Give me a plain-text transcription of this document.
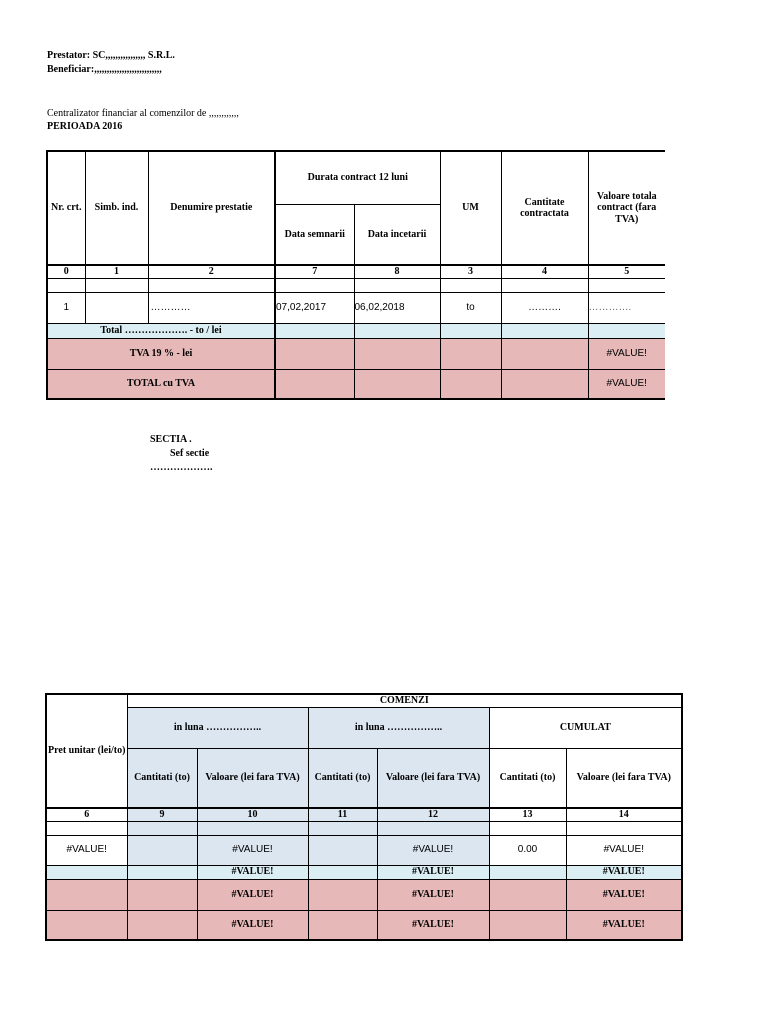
Prestator: SC,,,,,,,,,,,,,,,, S.R.L.
Beneficiar:,,,,,,,,,,,,,,,,,,,,,,,,,,,
Centralizator financiar al comenzilor de ,,,,,,,,,,,,
PERIOADA 2016
Nr. crt.	Simb. ind.	Denumire prestatie	Durata contract 12 luni		UM	Cantitate contractata	Valoare totala contract (fara TVA)
			Data semnarii	Data incetarii			
0	1	2	7	8	3	4	5

1		…………	07,02,2017	06,02,2018	to	……….	………….
Total ………………. - to / lei							
TVA 19 % - lei							#VALUE!
TOTAL cu TVA							#VALUE!
SECTIA .
Sef sectie
……………….
Pret unitar (lei/to)	COMENZI					
	in luna ……………..		in luna ……………..		CUMULAT	
	Cantitati (to)	Valoare (lei fara TVA)	Cantitati (to)	Valoare (lei fara TVA)	Cantitati (to)	Valoare (lei fara TVA)
6	9	10	11	12	13	14

#VALUE!		#VALUE!		#VALUE!	0.00	#VALUE!
		#VALUE!		#VALUE!		#VALUE!
		#VALUE!		#VALUE!		#VALUE!
		#VALUE!		#VALUE!		#VALUE!
